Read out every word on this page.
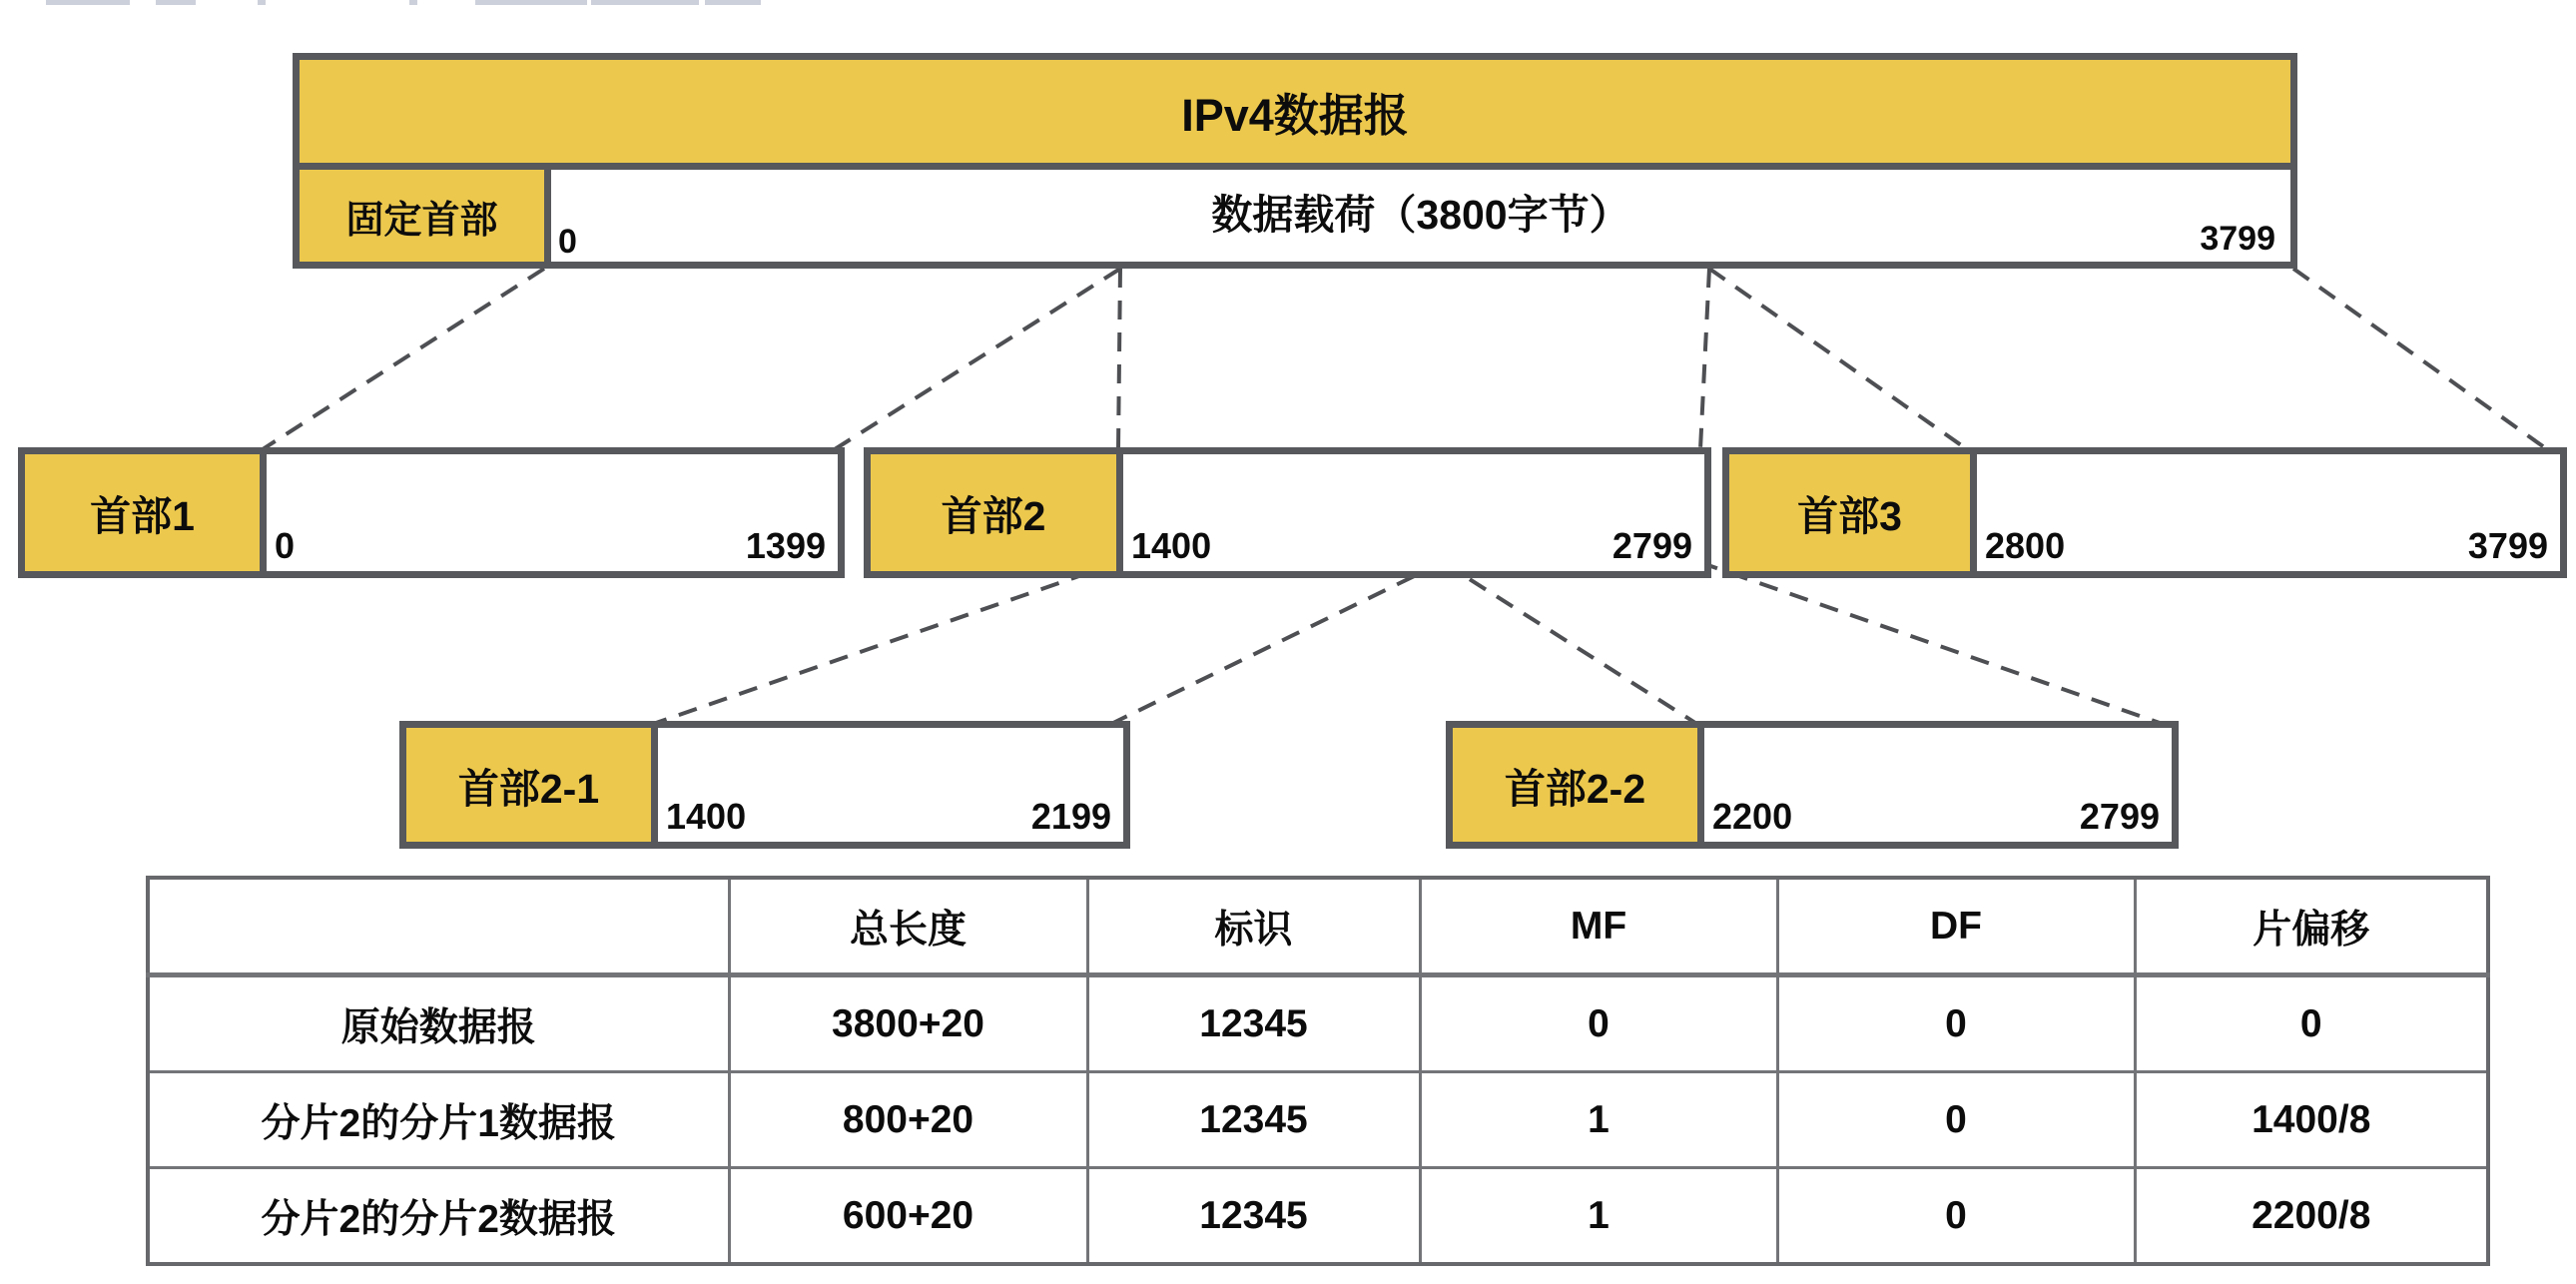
IPv4数据报
固定首部	数据载荷（3800字节）
0	3799
首部1
0	1399
首部2
1400	2799
首部3
2800	3799
首部2-1
1400	2199
首部2-2
2200	2799
	总长度	标识	MF	DF	片偏移
原始数据报	3800+20	12345	0	0	0
分片2的分片1数据报	800+20	12345	1	0	1400/8
分片2的分片2数据报	600+20	12345	1	0	2200/8
